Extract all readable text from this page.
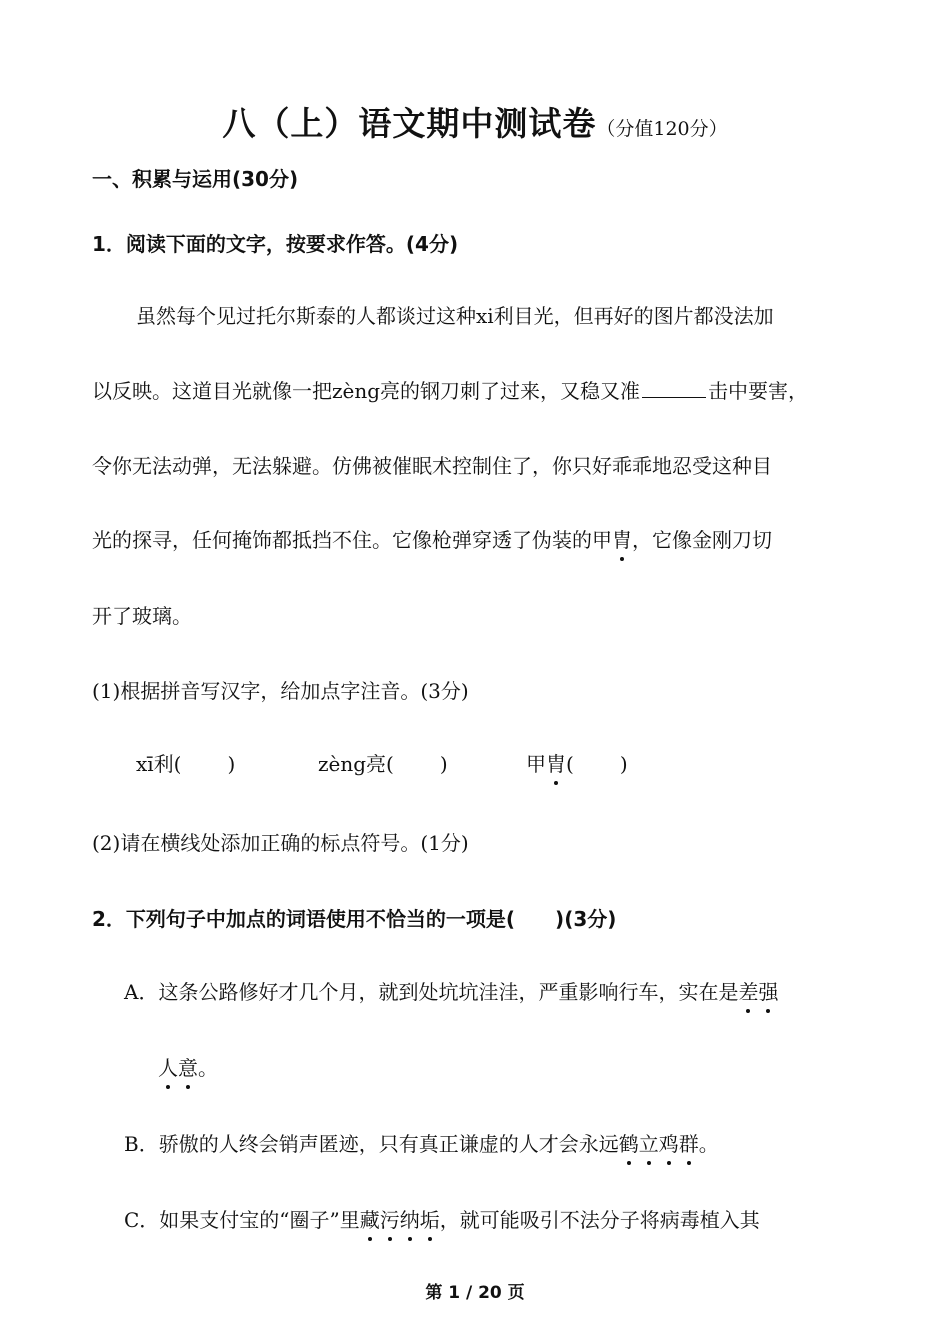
八（上）语文期中测试卷（分值120分）
一、积累与运用(30分)
1．阅读下面的文字，按要求作答。(4分)
虽然每个见过托尔斯泰的人都谈过这种xi利目光，但再好的图片都没法加
以反映。这道目光就像一把zèng亮的钢刀刺了过来，又稳又准	击中要害，
令你无法动弹，无法躲避。仿佛被催眠术控制住了，你只好乖乖地忍受这种目
光的探寻，任何掩饰都抵挡不住。它像枪弹穿透了伪装的甲胄，它像金刚刀切
开了玻璃。
(1)根据拼音写汉字，给加点字注音。(3分)
xī利( )	zèng亮( )	甲胄( )
(2)请在横线处添加正确的标点符号。(1分)
2．下列句子中加点的词语使用不恰当的一项是(　　)(3分)
A．这条公路修好才几个月，就到处坑坑洼洼，严重影响行车，实在是差强
人意。
B．骄傲的人终会销声匿迹，只有真正谦虚的人才会永远鹤立鸡群。
C．如果支付宝的“圈子”里藏污纳垢，就可能吸引不法分子将病毒植入其
第 1 / 20 页
